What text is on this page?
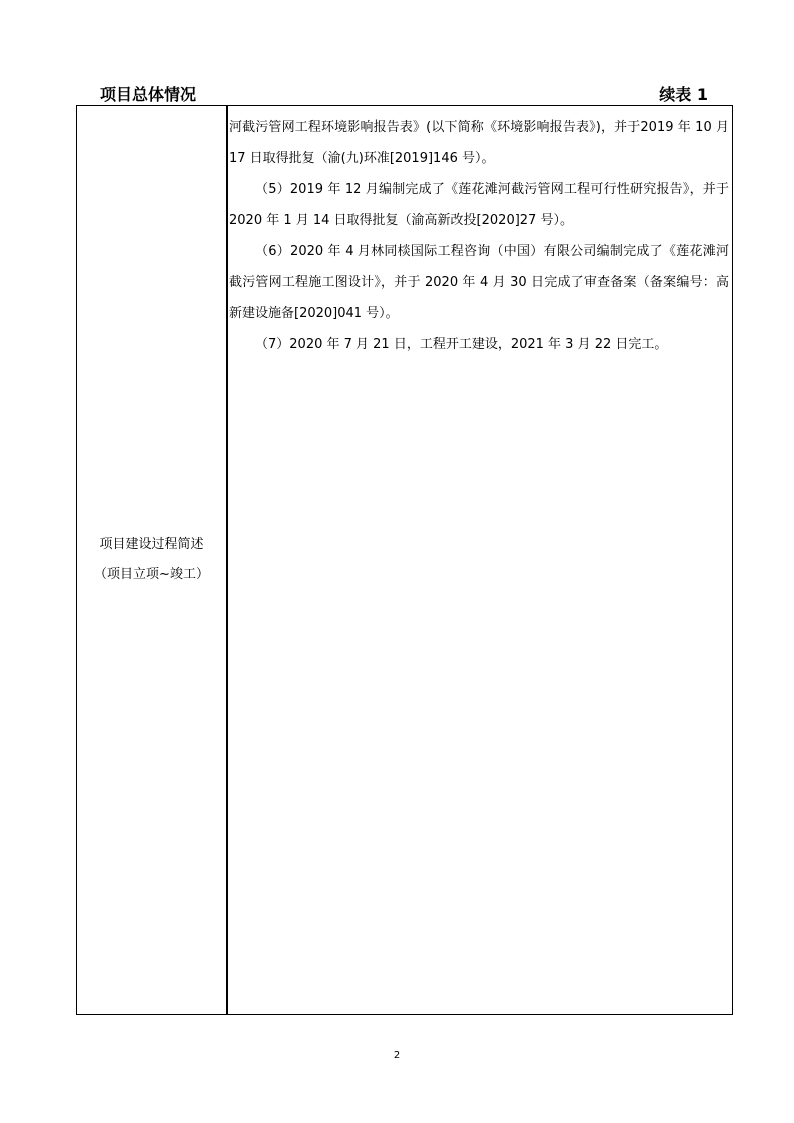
项目总体情况	续表 1
项目建设过程简述
（项目立项~竣工）

河截污管网工程环境影响报告表》(以下简称《环境影响报告表》)，并于2019 年 10 月 17 日取得批复（渝(九)环准[2019]146 号）。

（5）2019 年 12 月编制完成了《莲花滩河截污管网工程可行性研究报告》，并于 2020 年 1 月 14 日取得批复（渝高新改投[2020]27 号）。

（6）2020 年 4 月林同棪国际工程咨询（中国）有限公司编制完成了《莲花滩河截污管网工程施工图设计》，并于 2020 年 4 月 30 日完成了审查备案（备案编号：高新建设施备[2020]041 号）。

（7）2020 年 7 月 21 日，工程开工建设，2021 年 3 月 22 日完工。

2
